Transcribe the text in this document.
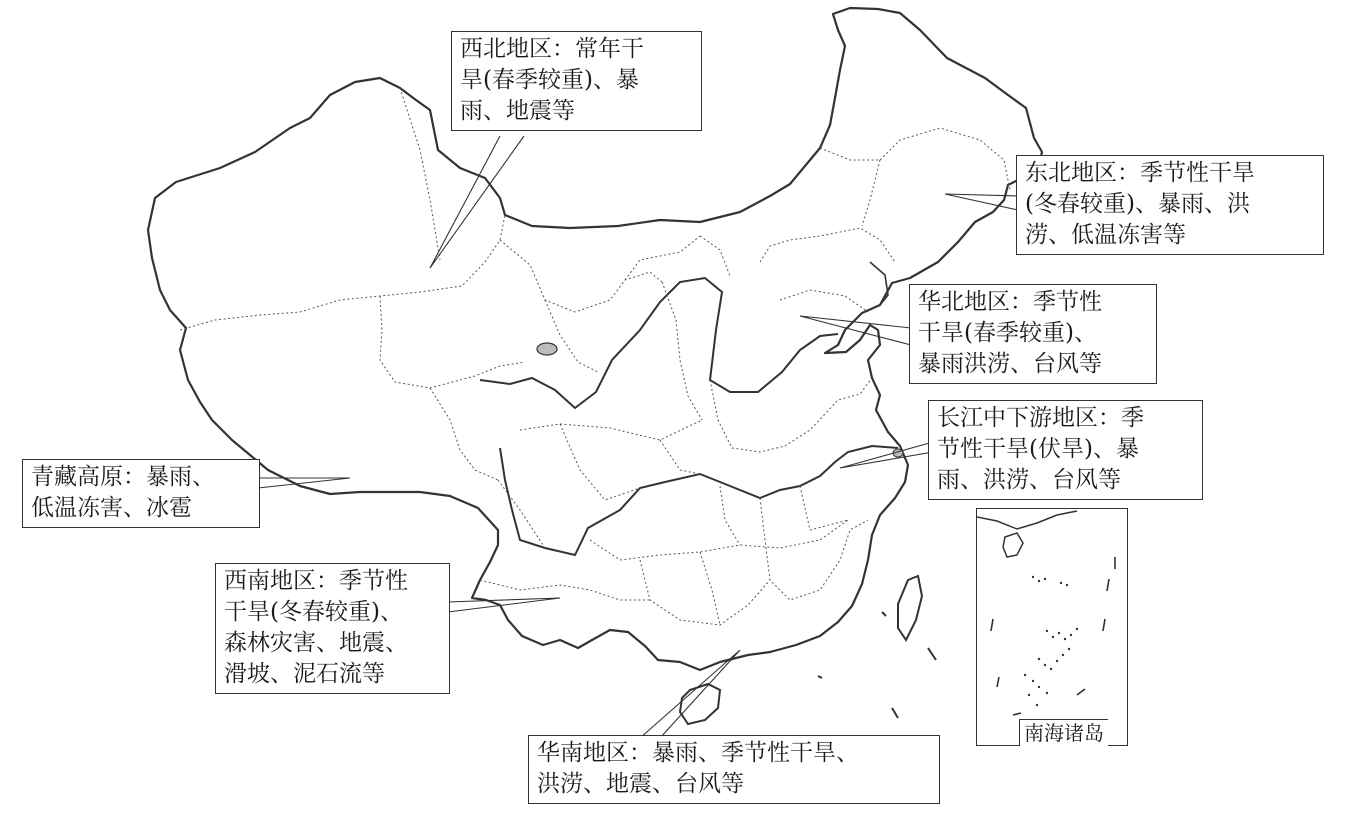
南海诸岛
西北地区：常年干
旱(春季较重)、暴
雨、地震等
东北地区：季节性干旱
(冬春较重)、暴雨、洪
涝、低温冻害等
华北地区：季节性
干旱(春季较重)、
暴雨洪涝、台风等
长江中下游地区：季
节性干旱(伏旱)、暴
雨、洪涝、台风等
青藏高原：暴雨、
低温冻害、冰雹
西南地区：季节性
干旱(冬春较重)、
森林灾害、地震、
滑坡、泥石流等
华南地区：暴雨、季节性干旱、
洪涝、地震、台风等
